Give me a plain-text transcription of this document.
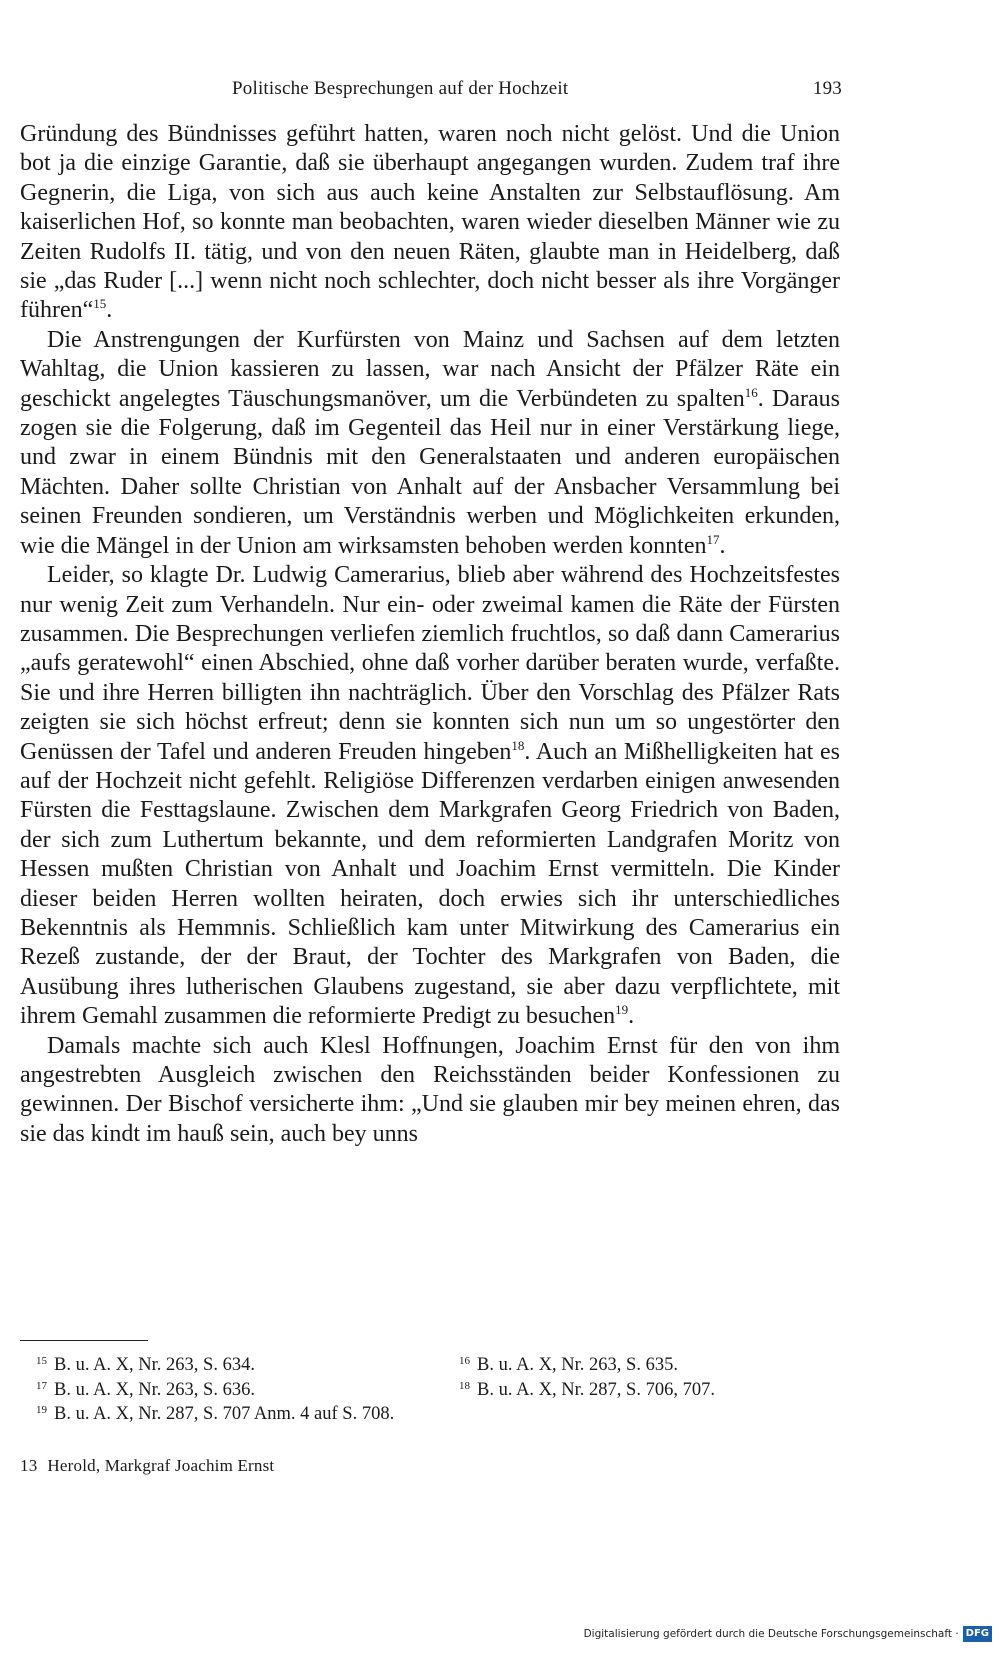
Politische Besprechungen auf der Hochzeit	193

Gründung des Bündnisses geführt hatten, waren noch nicht gelöst. Und die Union bot ja die einzige Garantie, daß sie überhaupt angegangen wurden. Zudem traf ihre Gegnerin, die Liga, von sich aus auch keine Anstalten zur Selbstauflösung. Am kaiserlichen Hof, so konnte man beobachten, waren wieder dieselben Männer wie zu Zeiten Rudolfs II. tätig, und von den neuen Räten, glaubte man in Heidelberg, daß sie „das Ruder [...] wenn nicht noch schlechter, doch nicht besser als ihre Vorgänger führen“$^{15}$.

Die Anstrengungen der Kurfürsten von Mainz und Sachsen auf dem letzten Wahltag, die Union kassieren zu lassen, war nach Ansicht der Pfälzer Räte ein geschickt angelegtes Täuschungsmanöver, um die Verbündeten zu spalten$^{16}$. Daraus zogen sie die Folgerung, daß im Gegenteil das Heil nur in einer Verstärkung liege, und zwar in einem Bündnis mit den Generalstaaten und anderen europäischen Mächten. Daher sollte Christian von Anhalt auf der Ansbacher Versammlung bei seinen Freunden sondieren, um Verständnis werben und Möglichkeiten erkunden, wie die Mängel in der Union am wirksamsten behoben werden konnten$^{17}$.

Leider, so klagte Dr. Ludwig Camerarius, blieb aber während des Hochzeitsfestes nur wenig Zeit zum Verhandeln. Nur ein- oder zweimal kamen die Räte der Fürsten zusammen. Die Besprechungen verliefen ziemlich fruchtlos, so daß dann Camerarius „aufs geratewohl“ einen Abschied, ohne daß vorher darüber beraten wurde, verfaßte. Sie und ihre Herren billigten ihn nachträglich. Über den Vorschlag des Pfälzer Rats zeigten sie sich höchst erfreut; denn sie konnten sich nun um so ungestörter den Genüssen der Tafel und anderen Freuden hingeben$^{18}$. Auch an Mißhelligkeiten hat es auf der Hochzeit nicht gefehlt. Religiöse Differenzen verdarben einigen anwesenden Fürsten die Festtagslaune. Zwischen dem Markgrafen Georg Friedrich von Baden, der sich zum Luthertum bekannte, und dem reformierten Landgrafen Moritz von Hessen mußten Christian von Anhalt und Joachim Ernst vermitteln. Die Kinder dieser beiden Herren wollten heiraten, doch erwies sich ihr unterschiedliches Bekenntnis als Hemmnis. Schließlich kam unter Mitwirkung des Camerarius ein Rezeß zustande, der der Braut, der Tochter des Markgrafen von Baden, die Ausübung ihres lutherischen Glaubens zugestand, sie aber dazu verpflichtete, mit ihrem Gemahl zusammen die reformierte Predigt zu besuchen$^{19}$.

Damals machte sich auch Klesl Hoffnungen, Joachim Ernst für den von ihm angestrebten Ausgleich zwischen den Reichsständen beider Konfessionen zu gewinnen. Der Bischof versicherte ihm: „Und sie glauben mir bey meinen ehren, das sie das kindt im hauß sein, auch bey unns

$^{15}$ B. u. A. X, Nr. 263, S. 634.	$^{16}$ B. u. A. X, Nr. 263, S. 635.
$^{17}$ B. u. A. X, Nr. 263, S. 636.	$^{18}$ B. u. A. X, Nr. 287, S. 706, 707.
$^{19}$ B. u. A. X, Nr. 287, S. 707 Anm. 4 auf S. 708.
13 Herold, Markgraf Joachim Ernst
Digitalisierung gefördert durch die Deutsche Forschungsgemeinschaft · DFG
